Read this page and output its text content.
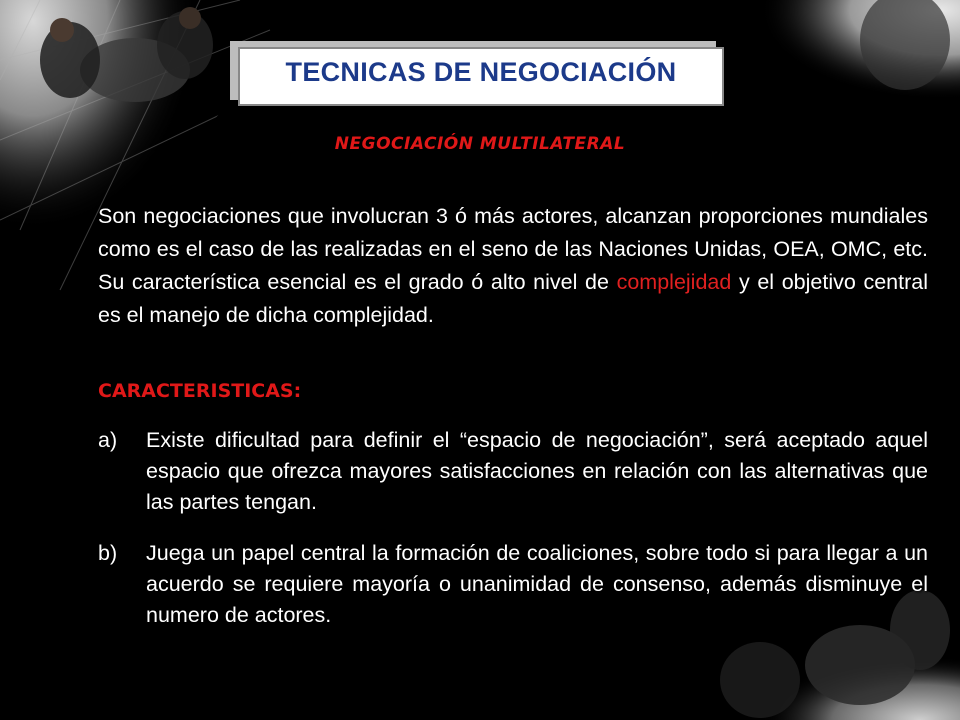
TECNICAS DE NEGOCIACIÓN
NEGOCIACIÓN MULTILATERAL
Son negociaciones que involucran 3 ó más actores, alcanzan proporciones mundiales como es el caso de las realizadas en el seno de las Naciones Unidas, OEA, OMC, etc. Su característica esencial es el grado ó alto nivel de complejidad y el objetivo central es el manejo de dicha complejidad.
CARACTERISTICAS:
a) Existe dificultad para definir el “espacio de negociación”, será aceptado aquel espacio que ofrezca mayores satisfacciones en relación con las alternativas que las partes tengan.
b) Juega un papel central la formación de coaliciones, sobre todo si para llegar a un acuerdo se requiere mayoría o unanimidad de consenso, además disminuye el numero de actores.
